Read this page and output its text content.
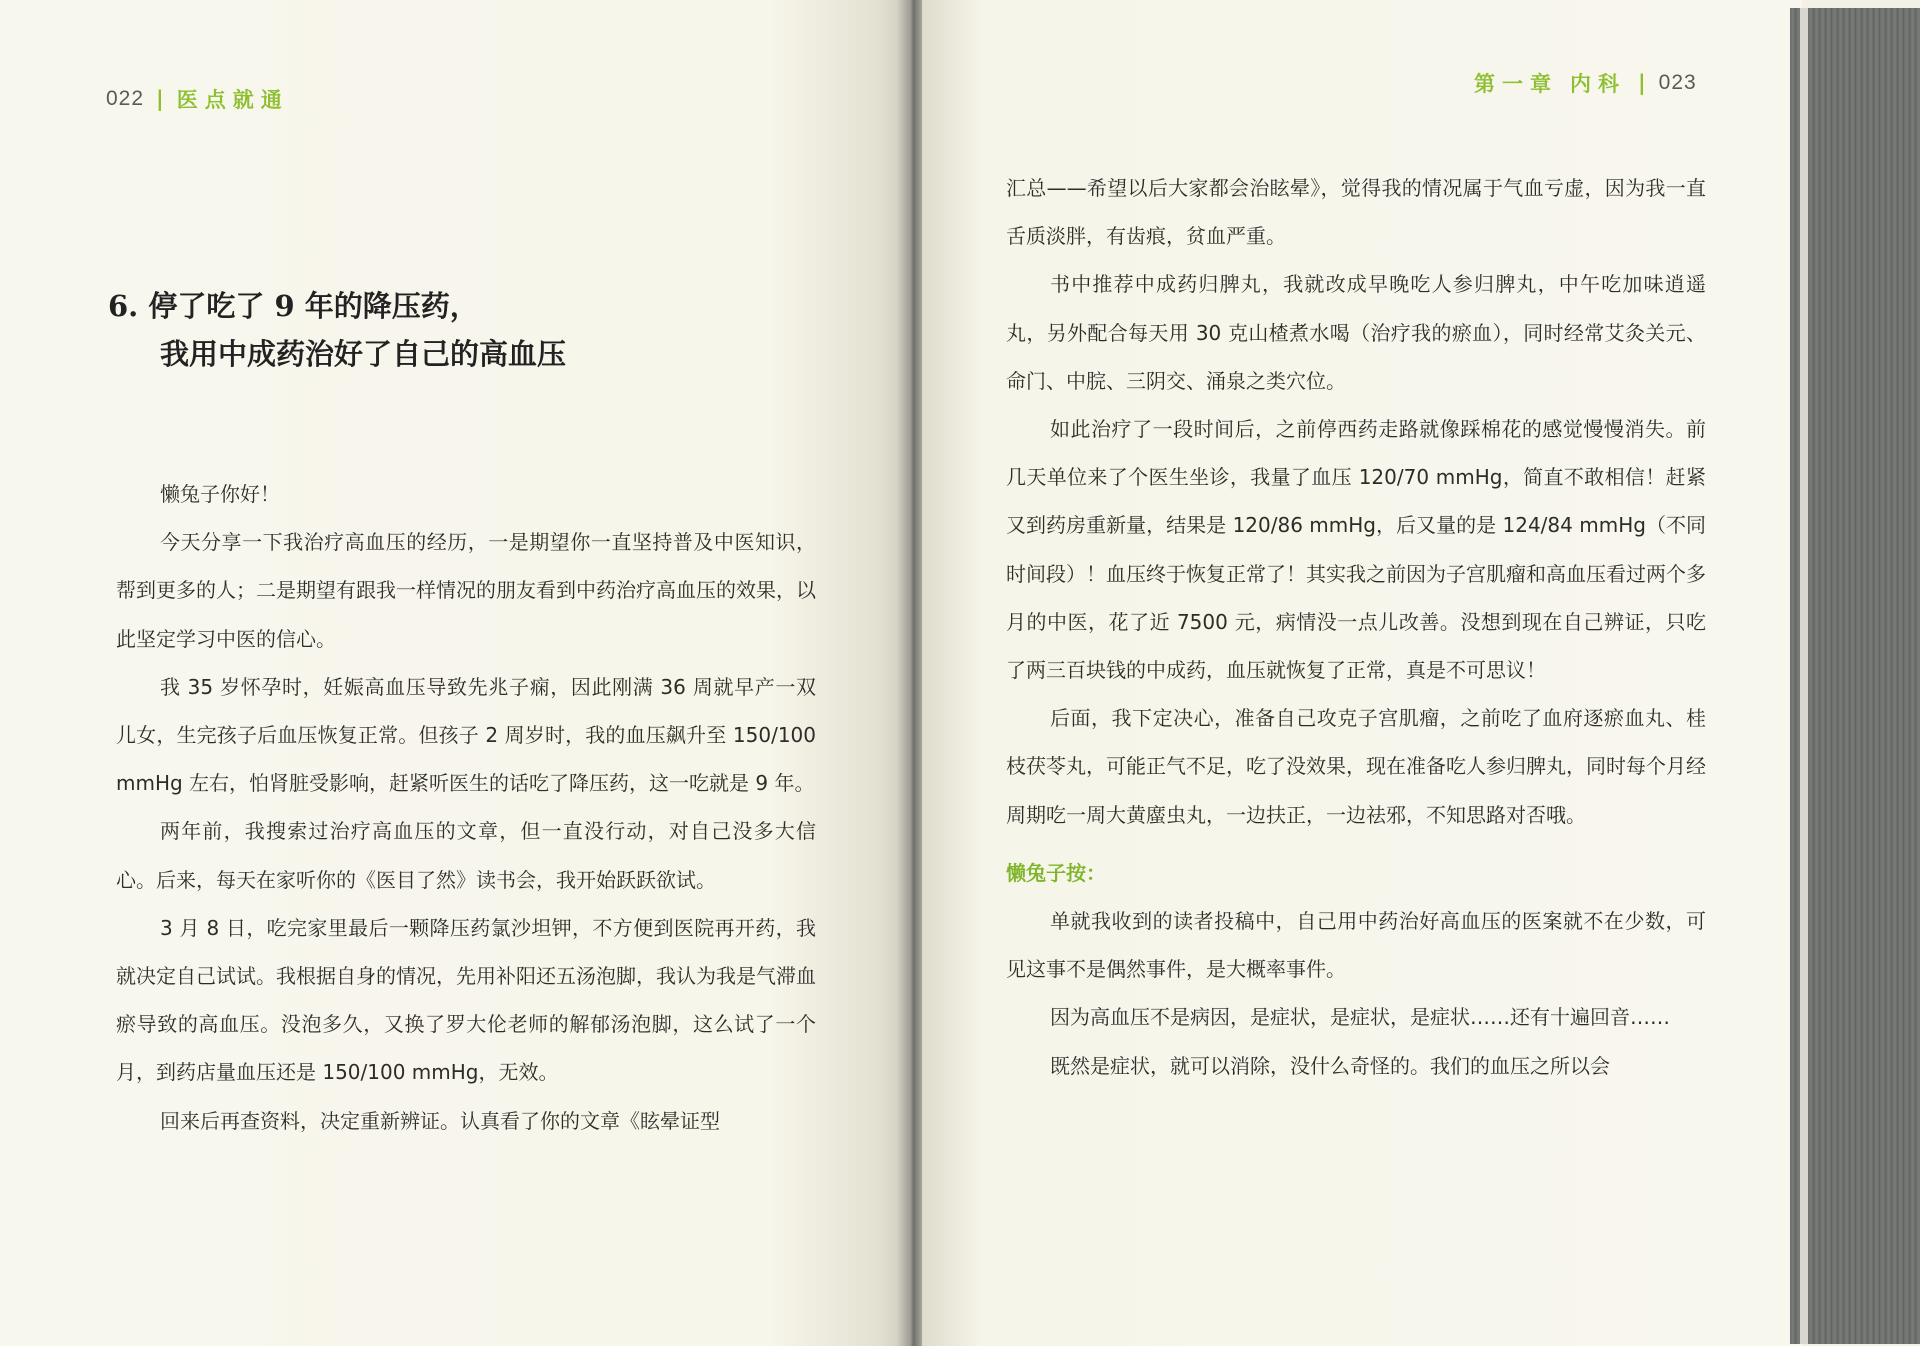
022 | 医点就通
6. 停了吃了 9 年的降压药，
我用中成药治好了自己的高血压

懒兔子你好！

今天分享一下我治疗高血压的经历，一是期望你一直坚持普及中医知识，帮到更多的人；二是期望有跟我一样情况的朋友看到中药治疗高血压的效果，以此坚定学习中医的信心。

我 35 岁怀孕时，妊娠高血压导致先兆子痫，因此刚满 36 周就早产一双儿女，生完孩子后血压恢复正常。但孩子 2 周岁时，我的血压飙升至 150/100 mmHg 左右，怕肾脏受影响，赶紧听医生的话吃了降压药，这一吃就是 9 年。

两年前，我搜索过治疗高血压的文章，但一直没行动，对自己没多大信心。后来，每天在家听你的《医目了然》读书会，我开始跃跃欲试。

3 月 8 日，吃完家里最后一颗降压药氯沙坦钾，不方便到医院再开药，我就决定自己试试。我根据自身的情况，先用补阳还五汤泡脚，我认为我是气滞血瘀导致的高血压。没泡多久，又换了罗大伦老师的解郁汤泡脚，这么试了一个月，到药店量血压还是 150/100 mmHg，无效。

回来后再查资料，决定重新辨证。认真看了你的文章《眩晕证型

第一章 内科 | 023

汇总——希望以后大家都会治眩晕》，觉得我的情况属于气血亏虚，因为我一直舌质淡胖，有齿痕，贫血严重。

书中推荐中成药归脾丸，我就改成早晚吃人参归脾丸，中午吃加味逍遥丸，另外配合每天用 30 克山楂煮水喝（治疗我的瘀血），同时经常艾灸关元、命门、中脘、三阴交、涌泉之类穴位。

如此治疗了一段时间后，之前停西药走路就像踩棉花的感觉慢慢消失。前几天单位来了个医生坐诊，我量了血压 120/70 mmHg，简直不敢相信！赶紧又到药房重新量，结果是 120/86 mmHg，后又量的是 124/84 mmHg（不同时间段）！血压终于恢复正常了！其实我之前因为子宫肌瘤和高血压看过两个多月的中医，花了近 7500 元，病情没一点儿改善。没想到现在自己辨证，只吃了两三百块钱的中成药，血压就恢复了正常，真是不可思议！

后面，我下定决心，准备自己攻克子宫肌瘤，之前吃了血府逐瘀血丸、桂枝茯苓丸，可能正气不足，吃了没效果，现在准备吃人参归脾丸，同时每个月经周期吃一周大黄䗪虫丸，一边扶正，一边祛邪，不知思路对否哦。

懒兔子按：

单就我收到的读者投稿中，自己用中药治好高血压的医案就不在少数，可见这事不是偶然事件，是大概率事件。

因为高血压不是病因，是症状，是症状，是症状……还有十遍回音……

既然是症状，就可以消除，没什么奇怪的。我们的血压之所以会
